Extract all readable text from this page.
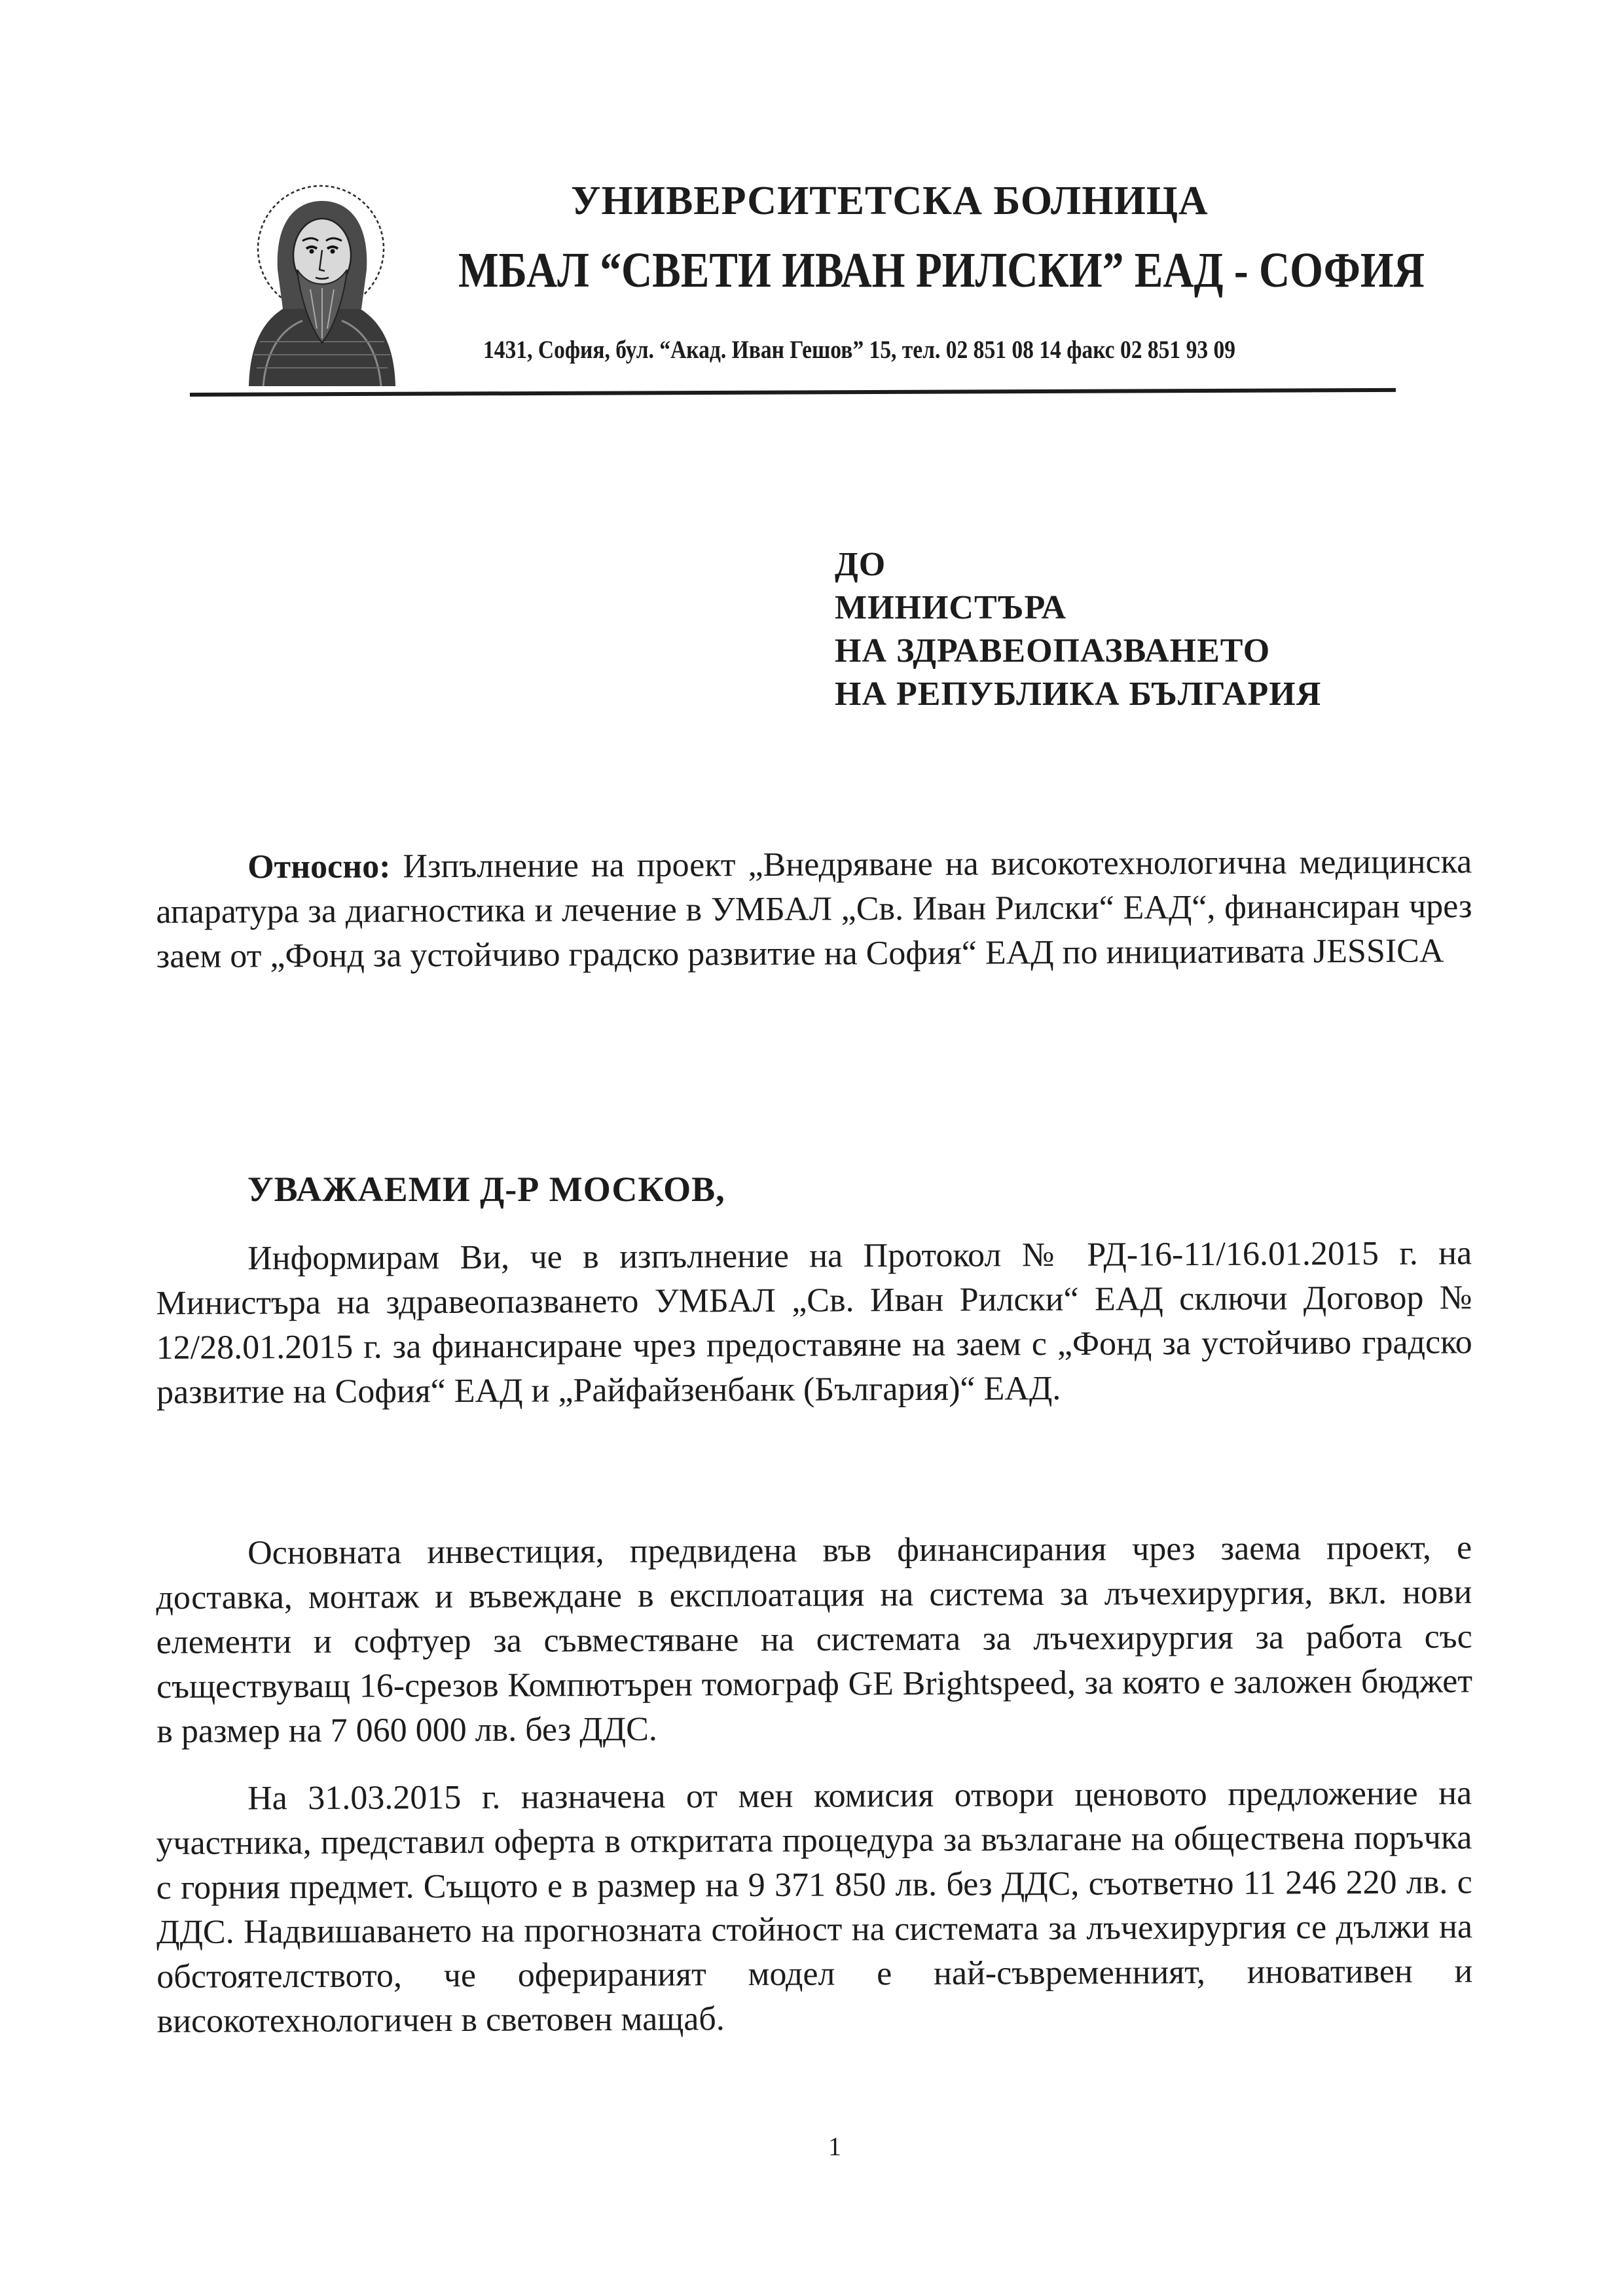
УНИВЕРСИТЕТСКА БОЛНИЦА
МБАЛ “СВЕТИ ИВАН РИЛСКИ” ЕАД - СОФИЯ
1431, София, бул. “Акад. Иван Гешов” 15, тел. 02 851 08 14 факс 02 851 93 09
ДО
МИНИСТЪРА
НА ЗДРАВЕОПАЗВАНЕТО
НА РЕПУБЛИКА БЪЛГАРИЯ
Относно: Изпълнение на проект „Внедряване на високотехнологична медицинска апаратура за диагностика и лечение в УМБАЛ „Св. Иван Рилски“ ЕАД“, финансиран чрез заем от „Фонд за устойчиво градско развитие на София“ ЕАД по инициативата JESSICA
УВАЖАЕМИ Д-Р МОСКОВ,
Информирам Ви, че в изпълнение на Протокол № РД-16-11/16.01.2015 г. на Министъра на здравеопазването УМБАЛ „Св. Иван Рилски“ ЕАД сключи Договор № 12/28.01.2015 г. за финансиране чрез предоставяне на заем с „Фонд за устойчиво градско развитие на София“ ЕАД и „Райфайзенбанк (България)“ ЕАД.
Основната инвестиция, предвидена във финансирания чрез заема проект, е доставка, монтаж и въвеждане в експлоатация на система за лъчехирургия, вкл. нови елементи и софтуер за съвместяване на системата за лъчехирургия за работа със съществуващ 16-срезов Компютърен томограф GE Brightspeed, за която е заложен бюджет в размер на 7 060 000 лв. без ДДС.
На 31.03.2015 г. назначена от мен комисия отвори ценовото предложение на участника, представил оферта в откритата процедура за възлагане на обществена поръчка с горния предмет. Същото е в размер на 9 371 850 лв. без ДДС, съответно 11 246 220 лв. с ДДС. Надвишаването на прогнозната стойност на системата за лъчехирургия се дължи на обстоятелството, че оферираният модел е най-съвременният, иновативен и високотехнологичен в световен мащаб.
1
